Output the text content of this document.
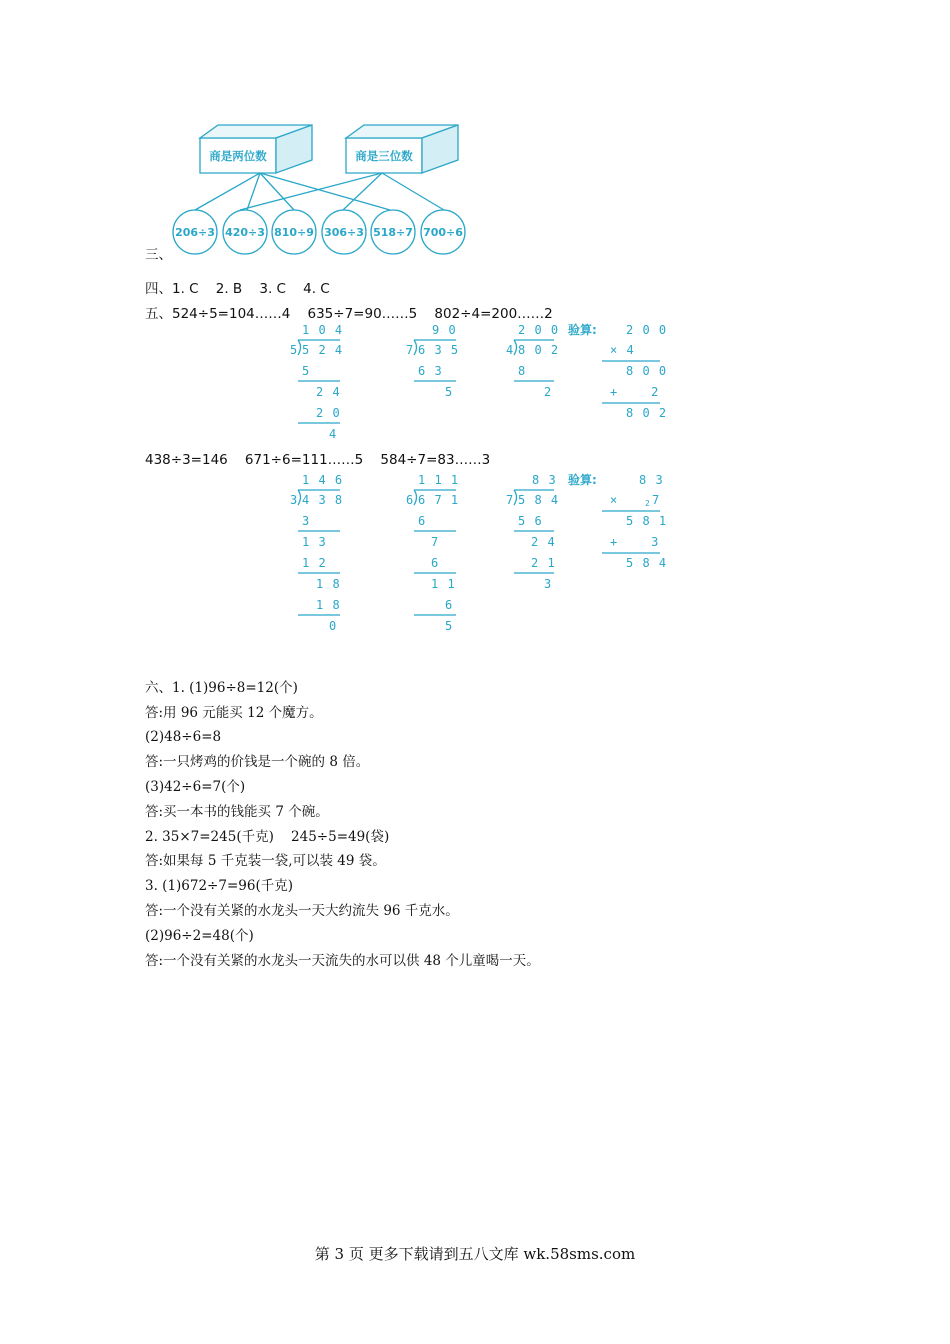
商是两位数	商是三位数
206÷3 420÷3 810÷9 306÷3 518÷7 700÷6
三、
四、1. C    2. B    3. C    4. C
五、524÷5=104……4    635÷7=90……5    802÷4=200……2
1 0 4
5 5 2 4
5
2 4
2 0
4
9 0
7 6 3 5
6 3
5
2 0 0
4 8 0 2
8
2
验算: 2 0 0
× 4
8 0 0
+    2
8 0 2
438÷3=146    671÷6=111……5    584÷7=83……3
1 4 6
3 4 3 8
3
1 3
1 2
1 8
1 8
0
1 1 1
6 6 7 1
6
7
6
1 1
6
5
8 3
7 5 8 4
5 6
2 4
2 1
3
验算:	8 3
×	2 7
5 8 1
+    3
5 8 4

六、1. (1)96÷8=12(个)
答:用 96 元能买 12 个魔方。
(2)48÷6=8
答:一只烤鸡的价钱是一个碗的 8 倍。
(3)42÷6=7(个)
答:买一本书的钱能买 7 个碗。
2. 35×7=245(千克)    245÷5=49(袋)
答:如果每 5 千克装一袋,可以装 49 袋。
3. (1)672÷7=96(千克)
答:一个没有关紧的水龙头一天大约流失 96 千克水。
(2)96÷2=48(个)
答:一个没有关紧的水龙头一天流失的水可以供 48 个儿童喝一天。

第 3 页 更多下载请到五八文库 wk.58sms.com
